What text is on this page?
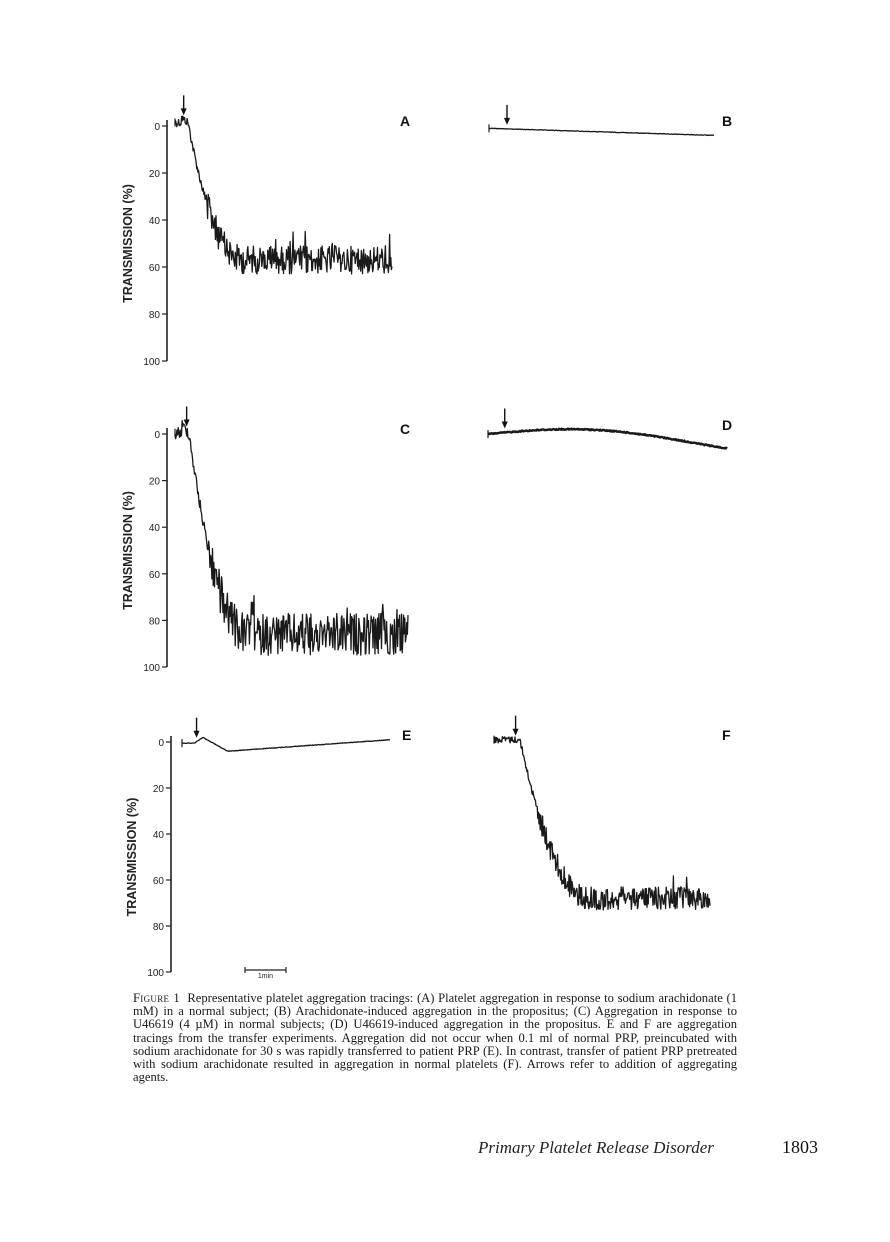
0
20
40
60
80
100
TRANSMISSION (%)
A	B
0
20
40
60
80
100
TRANSMISSION (%)
C	D
0
20
40
60
80
100
TRANSMISSION (%)
E	F
1min
Figure 1 Representative platelet aggregation tracings: (A) Platelet aggregation in response to sodium arachidonate (1 mM) in a normal subject; (B) Arachidonate-induced aggregation in the propositus; (C) Aggregation in response to U46619 (4 µM) in normal subjects; (D) U46619-induced aggregation in the propositus. E and F are aggregation tracings from the transfer experiments. Aggregation did not occur when 0.1 ml of normal PRP, preincubated with sodium arachidonate for 30 s was rapidly transferred to patient PRP (E). In contrast, transfer of patient PRP pretreated with sodium arachidonate resulted in aggregation in normal platelets (F). Arrows refer to addition of aggregating agents.
Primary Platelet Release Disorder	1803
